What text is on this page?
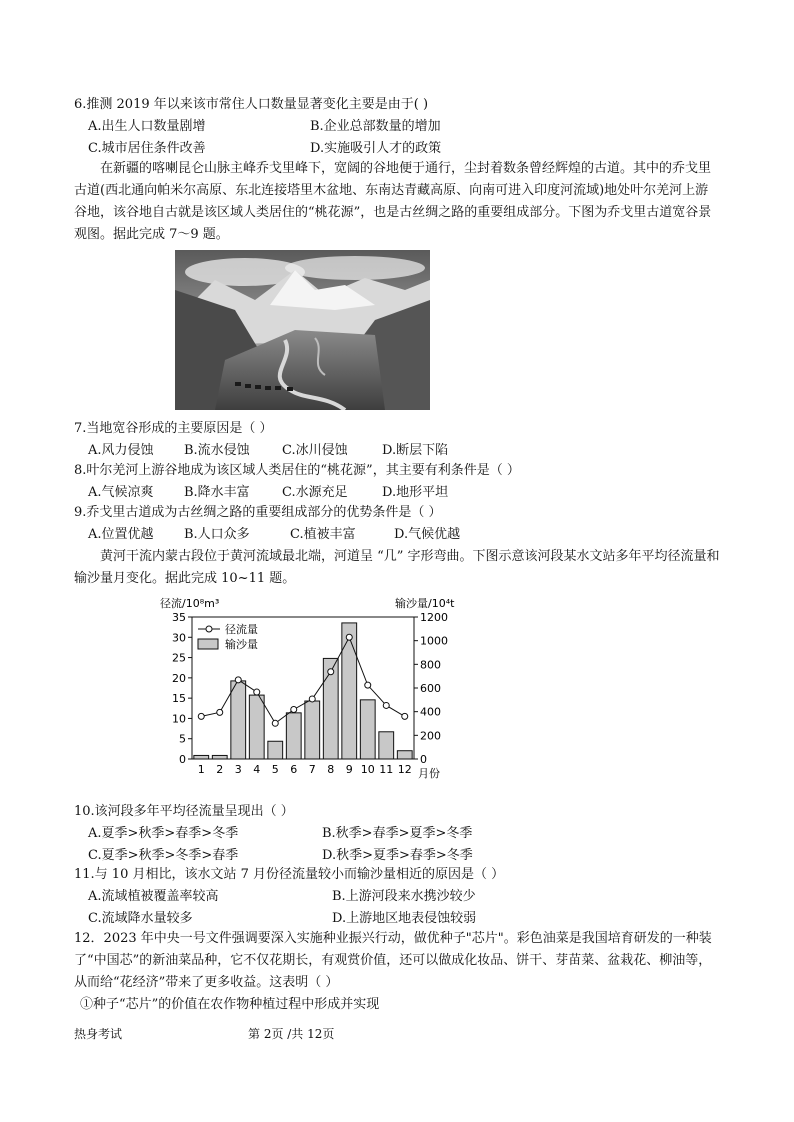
6.推测 2019 年以来该市常住人口数量显著变化主要是由于( )
A.出生人口数量剧增	B.企业总部数量的增加
C.城市居住条件改善	D.实施吸引人才的政策
在新疆的喀喇昆仑山脉主峰乔戈里峰下，宽阔的谷地便于通行，尘封着数条曾经辉煌的古道。其中的乔戈里古道(西北通向帕米尔高原、东北连接塔里木盆地、东南达青藏高原、向南可进入印度河流域)地处叶尔羌河上游谷地，该谷地自古就是该区域人类居住的“桃花源”，也是古丝绸之路的重要组成部分。下图为乔戈里古道宽谷景观图。据此完成 7～9 题。
7.当地宽谷形成的主要原因是（ ）
A.风力侵蚀 B.流水侵蚀 C.冰川侵蚀	D.断层下陷
8.叶尔羌河上游谷地成为该区域人类居住的“桃花源”，其主要有利条件是（ ）
A.气候凉爽 B.降水丰富 C.水源充足	D.地形平坦
9.乔戈里古道成为古丝绸之路的重要组成部分的优势条件是（ ）
A.位置优越 B.人口众多	C.植被丰富	D.气候优越
黄河干流内蒙古段位于黄河流域最北端，河道呈 “几” 字形弯曲。下图示意该河段某水文站多年平均径流量和输沙量月变化。据此完成 10~11 题。
径流/10⁸m³	输沙量/10⁴t
0
5
10
15
20
25
30
35
0
200
400
600
800
1000
1200
1 2 3 4 5 6 7 8 9 10 11 12
径流量
输沙量
月份
10.该河段多年平均径流量呈现出（ ）
A.夏季>秋季>春季>冬季	B.秋季>春季>夏季>冬季
C.夏季>秋季>冬季>春季	D.秋季>夏季>春季>冬季
11.与 10 月相比，该水文站 7 月份径流量较小而输沙量相近的原因是（ ）
A.流域植被覆盖率较高	B.上游河段来水携沙较少
C.流域降水量较多	D.上游地区地表侵蚀较弱
12．2023 年中央一号文件强调要深入实施种业振兴行动，做优种子"芯片"。彩色油菜是我国培育研发的一种装了“中国芯”的新油菜品种，它不仅花期长，有观赏价值，还可以做成化妆品、饼干、芽苗菜、盆栽花、柳油等，从而给“花经济”带来了更多收益。这表明（ ）
①种子“芯片”的价值在农作物种植过程中形成并实现
热身考试	第 2页 /共 12页
